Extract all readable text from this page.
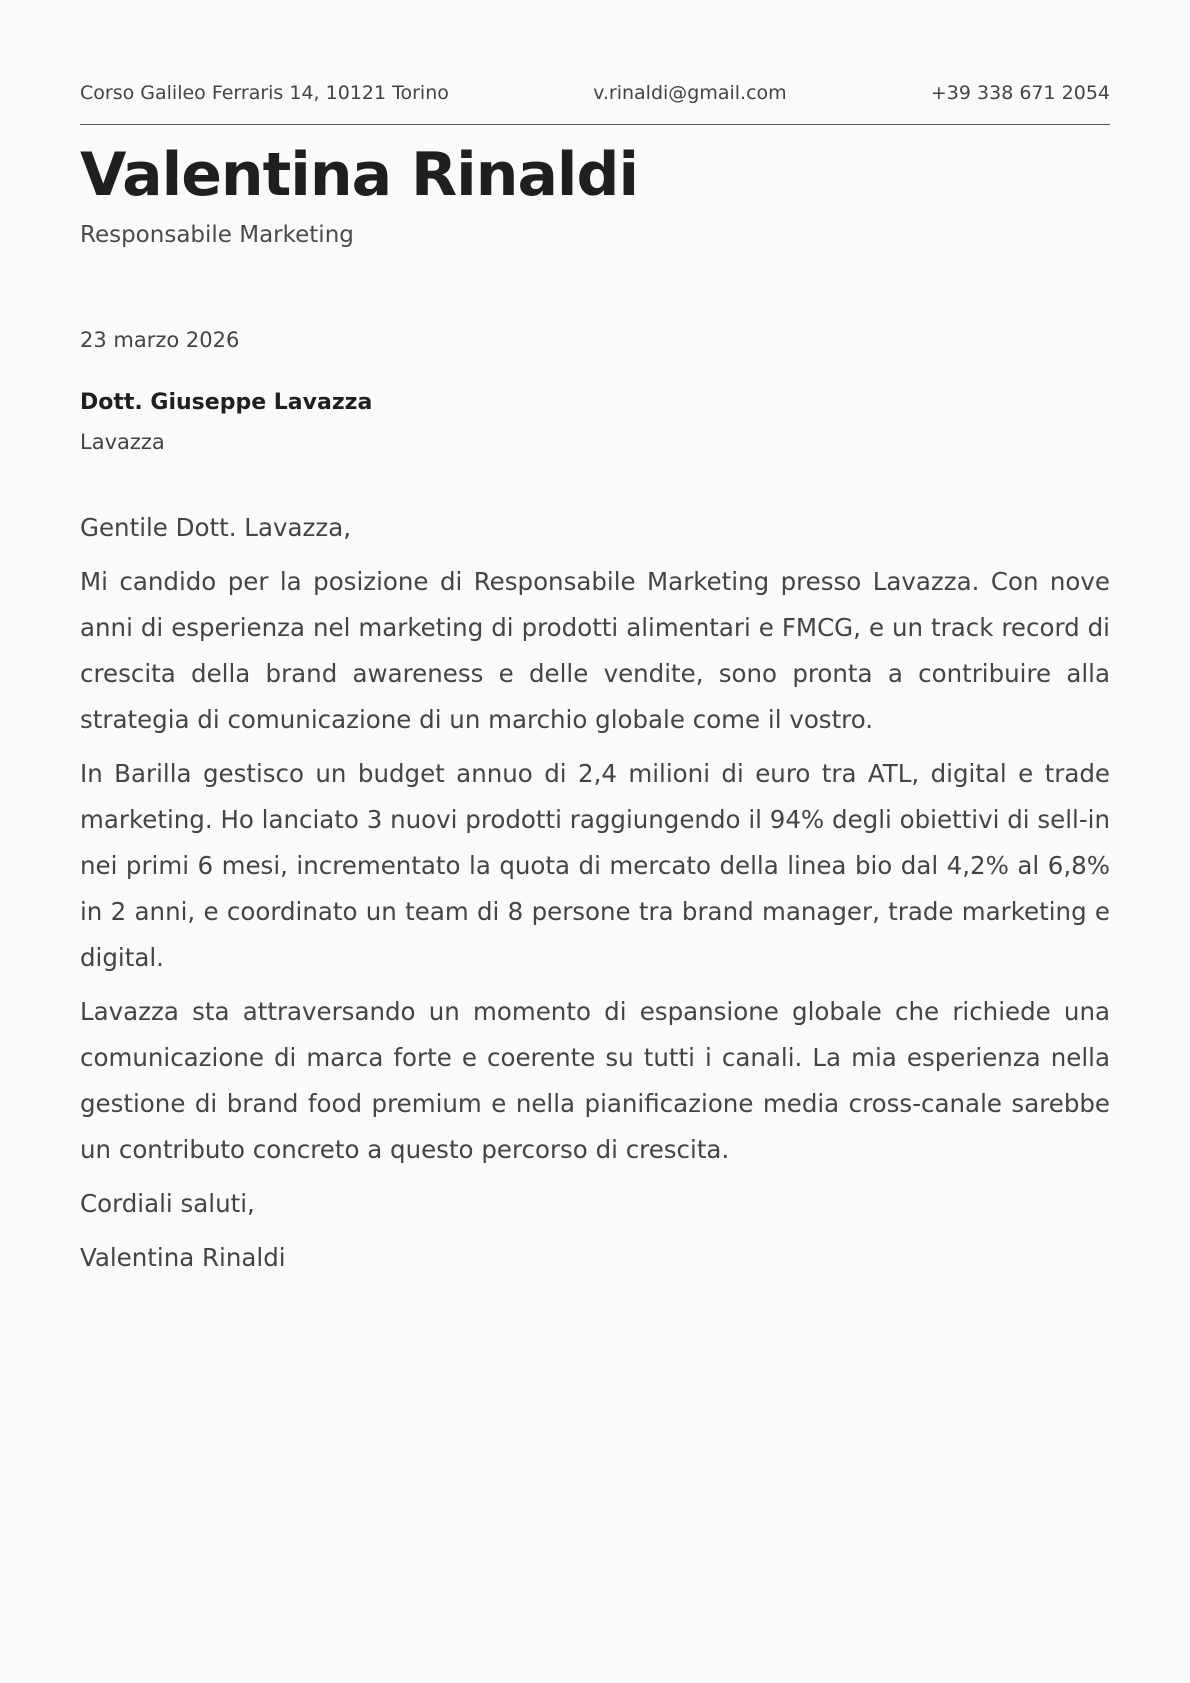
Corso Galileo Ferraris 14, 10121 Torino	v.rinaldi@gmail.com	+39 338 671 2054
Valentina Rinaldi
Responsabile Marketing
23 marzo 2026
Dott. Giuseppe Lavazza
Lavazza

Gentile Dott. Lavazza,

Mi candido per la posizione di Responsabile Marketing presso Lavazza. Con nove anni di esperienza nel marketing di prodotti alimentari e FMCG, e un track record di crescita della brand awareness e delle vendite, sono pronta a contribuire alla strategia di comunicazione di un marchio globale come il vostro.

In Barilla gestisco un budget annuo di 2,4 milioni di euro tra ATL, digital e trade marketing. Ho lanciato 3 nuovi prodotti raggiungendo il 94% degli obiettivi di sell-in nei primi 6 mesi, incrementato la quota di mercato della linea bio dal 4,2% al 6,8% in 2 anni, e coordinato un team di 8 persone tra brand manager, trade marketing e digital.

Lavazza sta attraversando un momento di espansione globale che richiede una comunicazione di marca forte e coerente su tutti i canali. La mia esperienza nella gestione di brand food premium e nella pianificazione media cross-canale sarebbe un contributo concreto a questo percorso di crescita.

Cordiali saluti,

Valentina Rinaldi
